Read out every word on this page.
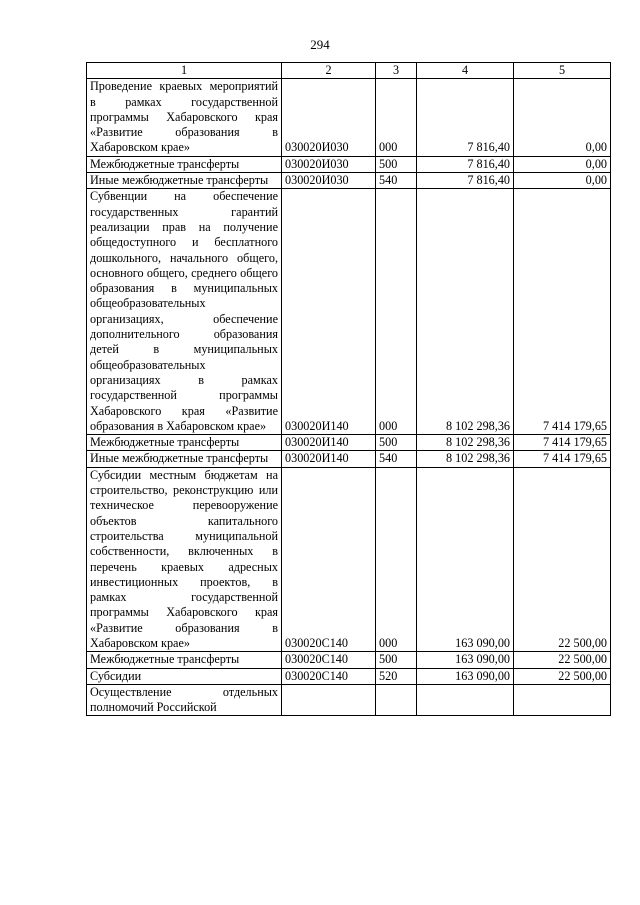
294
1	2	3	4	5
Проведение краевых мероприятий в рамках государственной программы Хабаровского края «Развитие образования в Хабаровском крае»	030020И030	000	7 816,40	0,00
Межбюджетные трансферты	030020И030	500	7 816,40	0,00
Иные межбюджетные трансферты	030020И030	540	7 816,40	0,00
Субвенции на обеспечение государственных гарантий реализации прав на получение общедоступного и бесплатного дошкольного, начального общего, основного общего, среднего общего образования в муниципальных общеобразовательных организациях, обеспечение дополнительного образования детей в муниципальных общеобразовательных организациях в рамках государственной программы Хабаровского края «Развитие образования в Хабаровском крае»	030020И140	000	8 102 298,36	7 414 179,65
Межбюджетные трансферты	030020И140	500	8 102 298,36	7 414 179,65
Иные межбюджетные трансферты	030020И140	540	8 102 298,36	7 414 179,65
Субсидии местным бюджетам на строительство, реконструкцию или техническое перевооружение объектов капитального строительства муниципальной собственности, включенных в перечень краевых адресных инвестиционных проектов, в рамках государственной программы Хабаровского края «Развитие образования в Хабаровском крае»	030020С140	000	163 090,00	22 500,00
Межбюджетные трансферты	030020С140	500	163 090,00	22 500,00
Субсидии	030020С140	520	163 090,00	22 500,00
Осуществление отдельных полномочий Российской				
